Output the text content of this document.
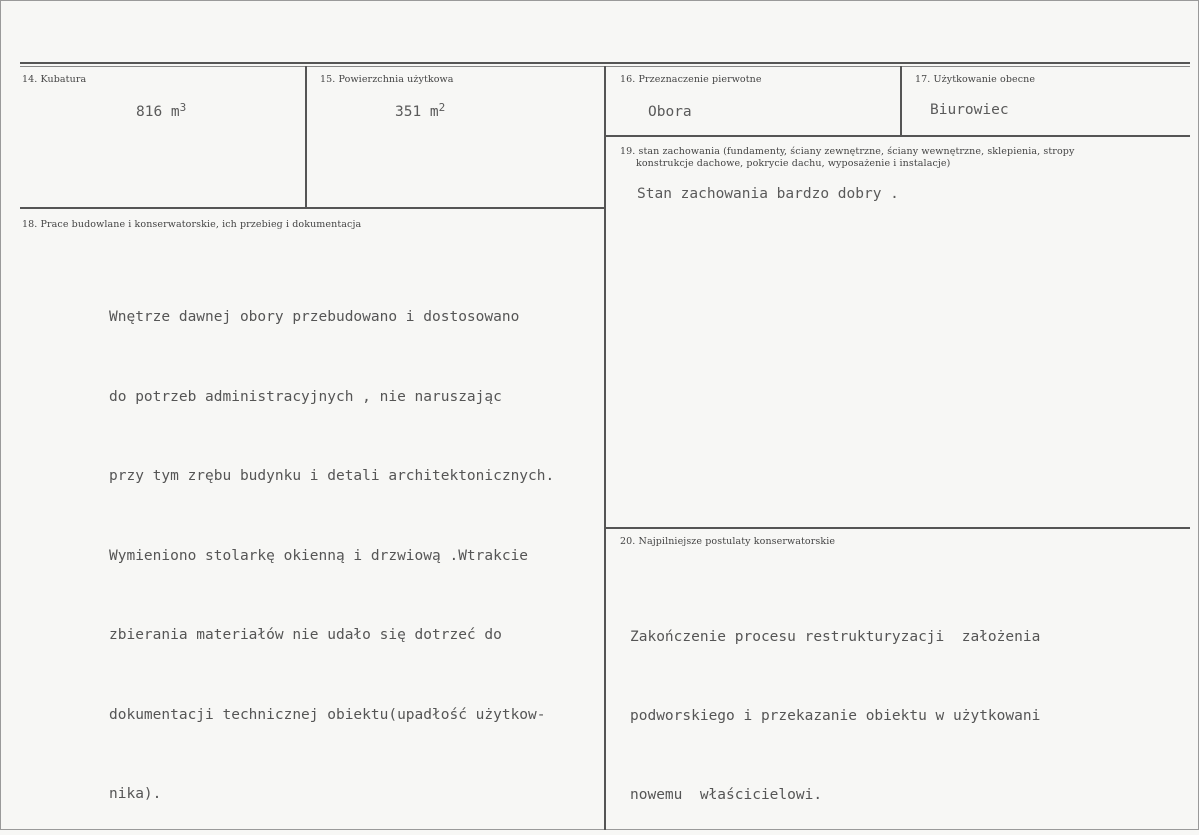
14. Kubatura
816 $m^3$
15. Powierzchnia użytkowa
351 $m^2$
16. Przeznaczenie pierwotne
Obora
17. Użytkowanie obecne
Biurowiec
19. stan zachowania (fundamenty, ściany zewnętrzne, ściany wewnętrzne, sklepienia, stropy
konstrukcje dachowe, pokrycie dachu, wyposażenie i instalacje)
Stan zachowania bardzo dobry .
18. Prace budowlane i konserwatorskie, ich przebieg i dokumentacja

Wnętrze dawnej obory przebudowano i dostosowano

do potrzeb administracyjnych , nie naruszając

przy tym zrębu budynku i detali architektonicznych.

Wymieniono stolarkę okienną i drzwiową .Wtrakcie

zbierania materiałów nie udało się dotrzeć do

dokumentacji technicznej obiektu(upadłość użytkow-

nika).

20. Najpilniejsze postulaty konserwatorskie

Zakończenie procesu restrukturyzacji  założenia

podworskiego i przekazanie obiektu w użytkowani

nowemu  właścicielowi.
